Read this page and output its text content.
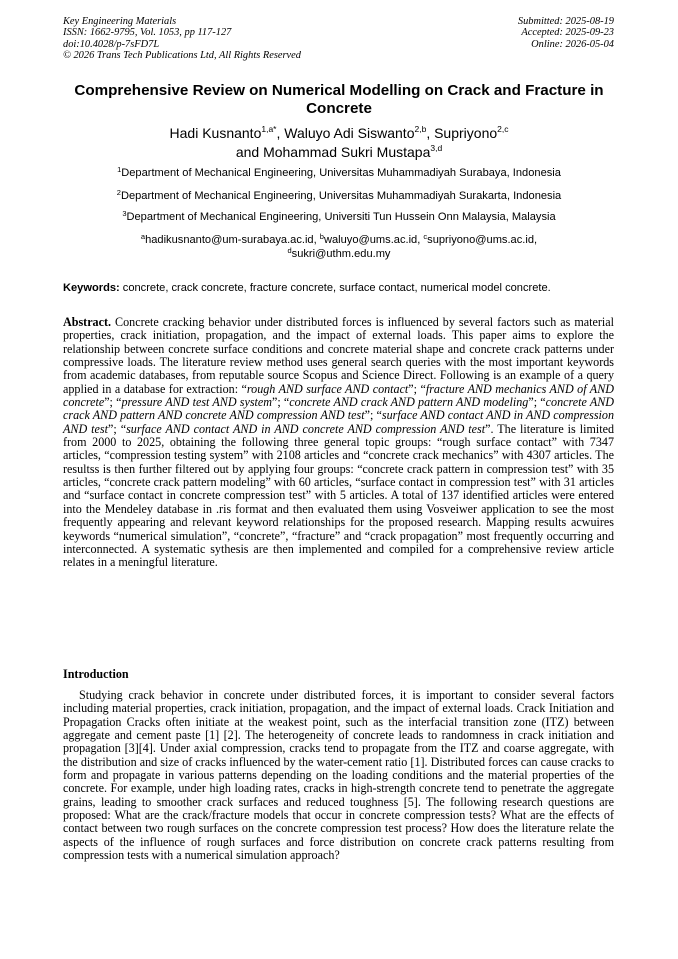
Key Engineering Materials
ISSN: 1662-9795, Vol. 1053, pp 117-127
doi:10.4028/p-7sFD7L
© 2026 Trans Tech Publications Ltd, All Rights Reserved
Submitted: 2025-08-19
Accepted: 2025-09-23
Online: 2026-05-04
Comprehensive Review on Numerical Modelling on Crack and Fracture in Concrete
Hadi Kusnanto$^{1,a*}$, Waluyo Adi Siswanto$^{2,b}$, Supriyono$^{2,c}$
and Mohammad Sukri Mustapa$^{3,d}$
$^1$Department of Mechanical Engineering, Universitas Muhammadiyah Surabaya, Indonesia
$^2$Department of Mechanical Engineering, Universitas Muhammadiyah Surakarta, Indonesia
$^3$Department of Mechanical Engineering, Universiti Tun Hussein Onn Malaysia, Malaysia
$^a$hadikusnanto@um-surabaya.ac.id, $^b$waluyo@ums.ac.id, $^c$supriyono@ums.ac.id,
$^d$sukri@uthm.edu.my
Keywords: concrete, crack concrete, fracture concrete, surface contact, numerical model concrete.
Abstract. Concrete cracking behavior under distributed forces is influenced by several factors such as material properties, crack initiation, propagation, and the impact of external loads. This paper aims to explore the relationship between concrete surface conditions and concrete material shape and concrete crack patterns under compressive loads. The literature review method uses general search queries with the most important keywords from academic databases, from reputable source Scopus and Science Direct. Following is an example of a query applied in a database for extraction: “rough AND surface AND contact”; “fracture AND mechanics AND of AND concrete”; “pressure AND test AND system”; “concrete AND crack AND pattern AND modeling”; “concrete AND crack AND pattern AND concrete AND compression AND test”; “surface AND contact AND in AND compression AND test”; “surface AND contact AND in AND concrete AND compression AND test”. The literature is limited from 2000 to 2025, obtaining the following three general topic groups: “rough surface contact” with 7347 articles, “compression testing system” with 2108 articles and “concrete crack mechanics” with 4307 articles. The resultss is then further filtered out by applying four groups: “concrete crack pattern in compression test” with 35 articles, “concrete crack pattern modeling” with 60 articles, “surface contact in compression test” with 31 articles and “surface contact in concrete compression test” with 5 articles. A total of 137 identified articles were entered into the Mendeley database in .ris format and then evaluated them using Vosveiwer application to see the most frequently appearing and relevant keyword relationships for the proposed research. Mapping results acwuires keywords “numerical simulation”, “concrete”, “fracture” and “crack propagation” most frequently occurring and interconnected. A systematic sythesis are then implemented and compiled for a comprehensive review article relates in a meningful literature.
Introduction
Studying crack behavior in concrete under distributed forces, it is important to consider several factors including material properties, crack initiation, propagation, and the impact of external loads. Crack Initiation and Propagation Cracks often initiate at the weakest point, such as the interfacial transition zone (ITZ) between aggregate and cement paste [1] [2]. The heterogeneity of concrete leads to randomness in crack initiation and propagation [3][4]. Under axial compression, cracks tend to propagate from the ITZ and coarse aggregate, with the distribution and size of cracks influenced by the water-cement ratio [1]. Distributed forces can cause cracks to form and propagate in various patterns depending on the loading conditions and the material properties of the concrete. For example, under high loading rates, cracks in high-strength concrete tend to penetrate the aggregate grains, leading to smoother crack surfaces and reduced toughness [5]. The following research questions are proposed: What are the crack/fracture models that occur in concrete compression tests? What are the effects of contact between two rough surfaces on the concrete compression test process? How does the literature relate the aspects of the influence of rough surfaces and force distribution on concrete crack patterns resulting from compression tests with a numerical simulation approach?
